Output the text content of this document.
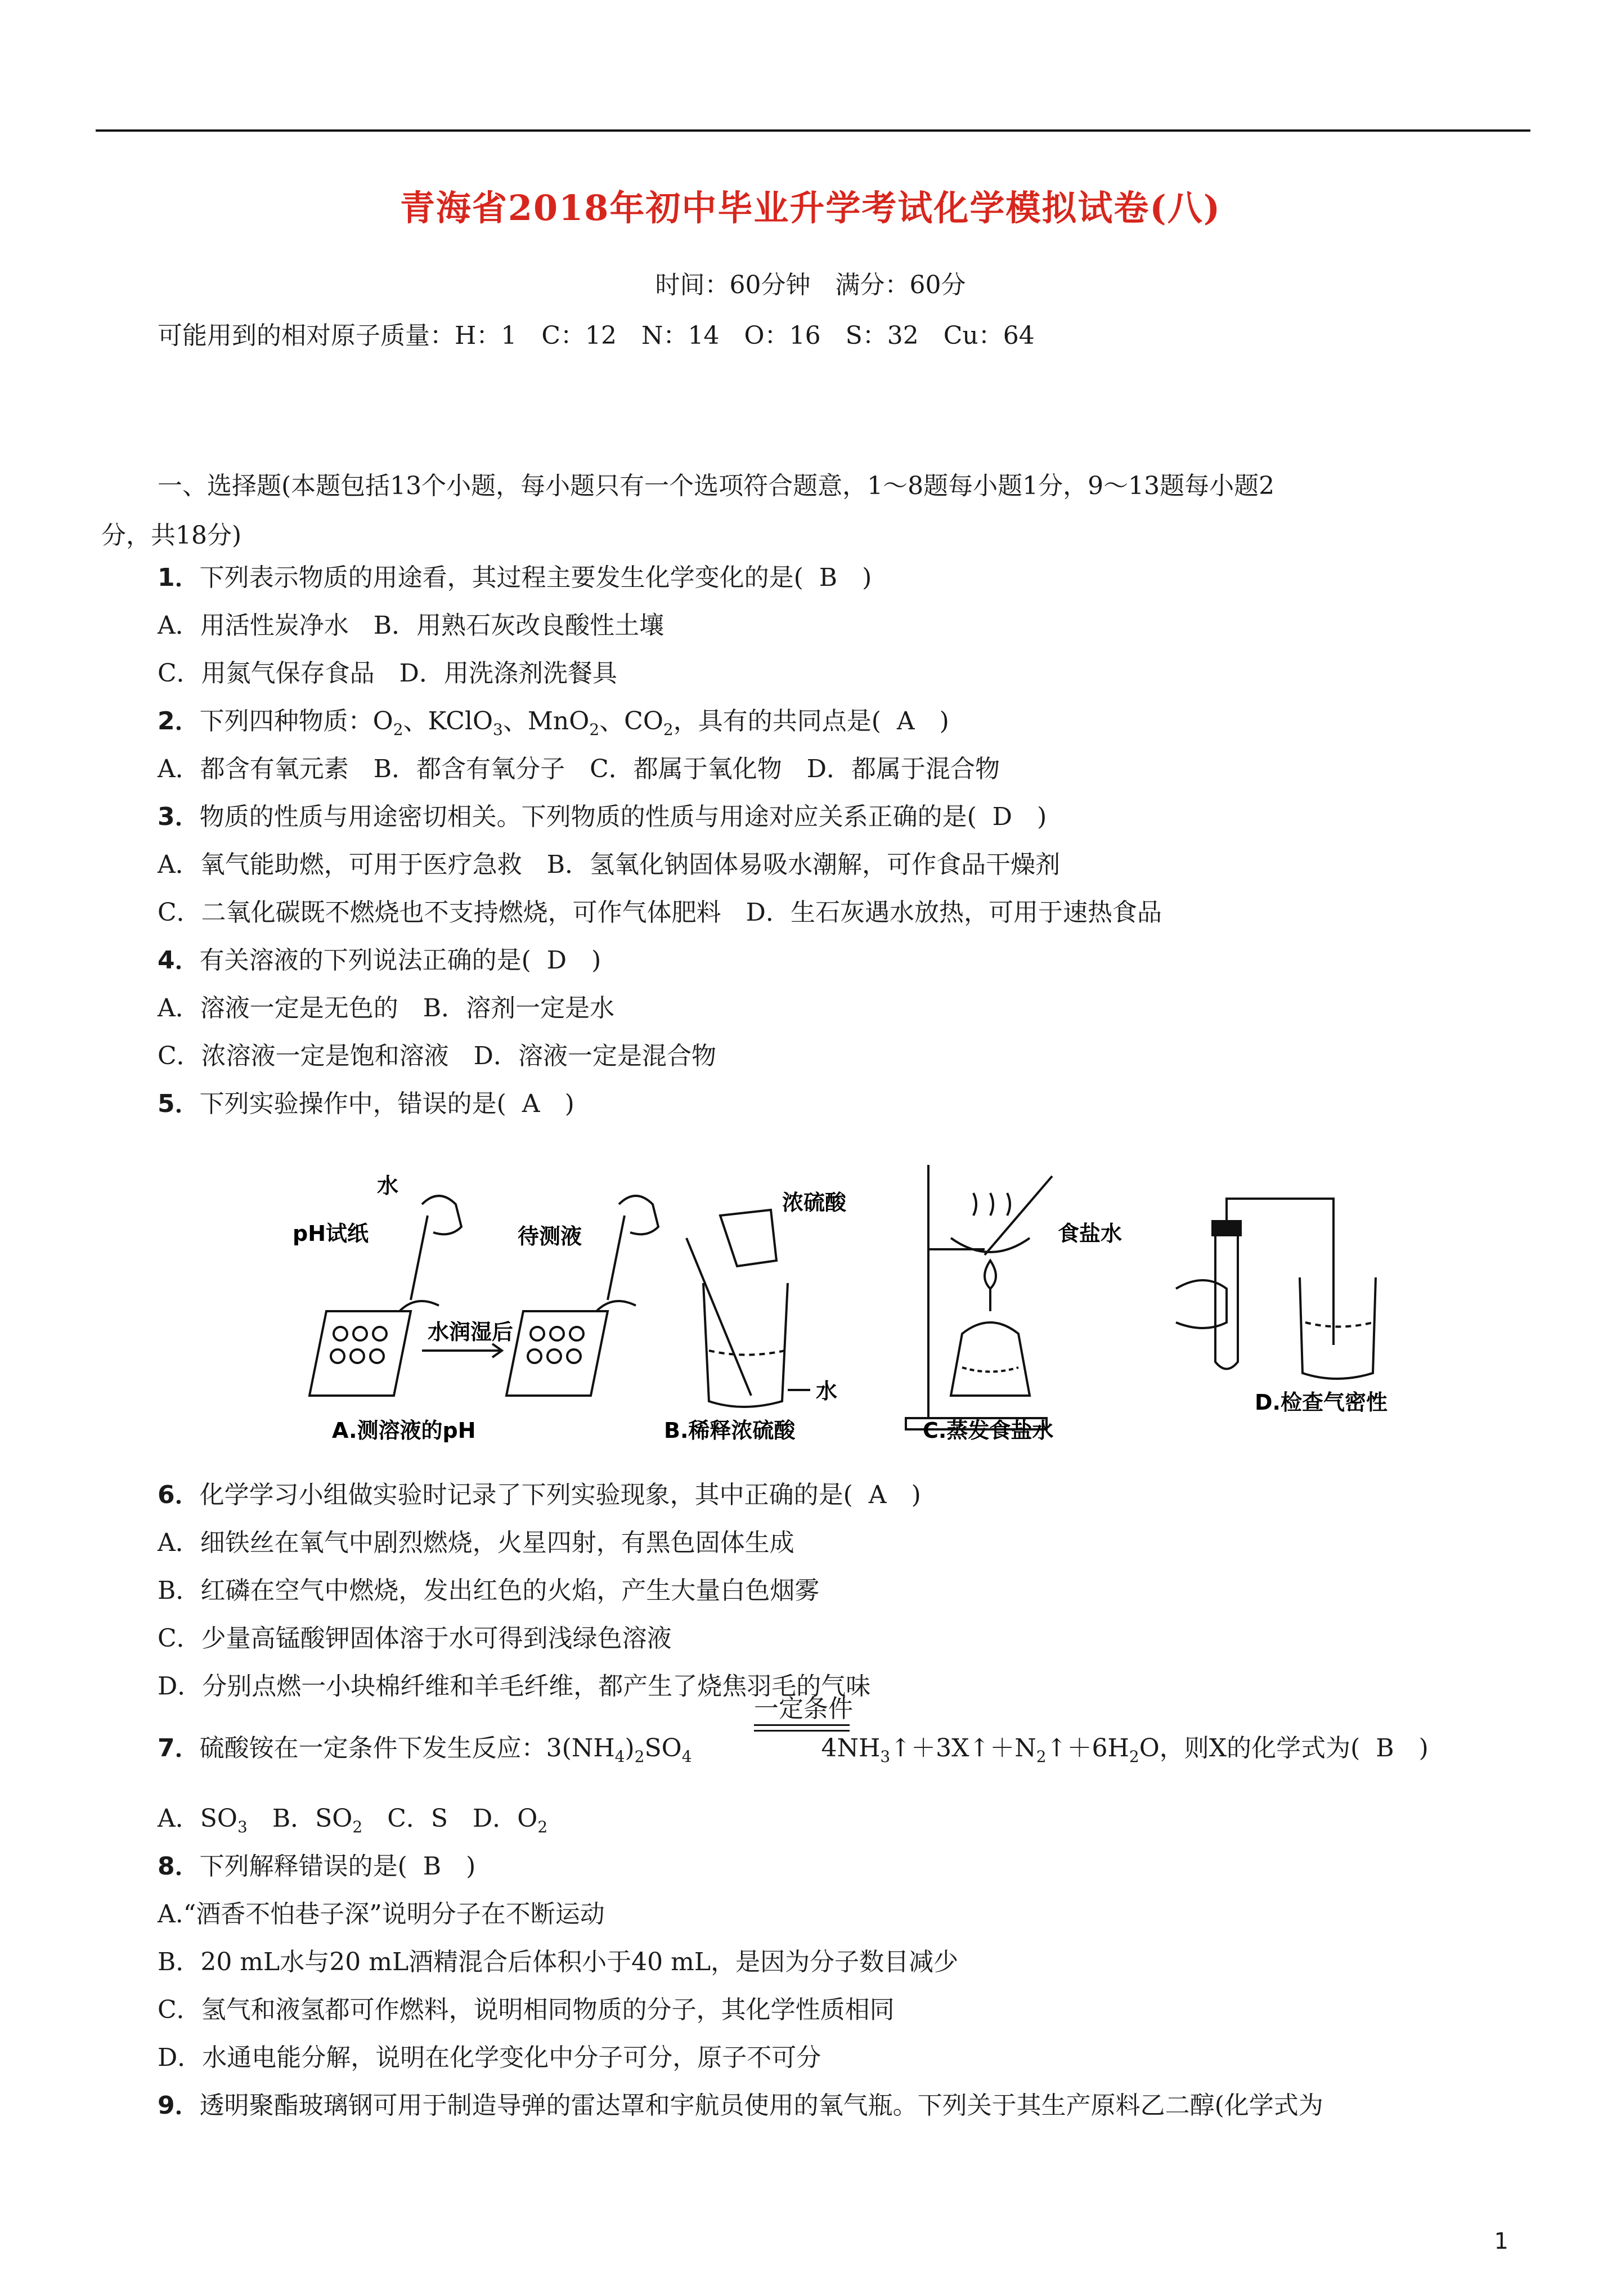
青海省2018年初中毕业升学考试化学模拟试卷(八)
时间：60分钟　满分：60分
可能用到的相对原子质量：H：1　C：12　N：14　O：16　S：32　Cu：64
一、选择题(本题包括13个小题，每小题只有一个选项符合题意，1～8题每小题1分，9～13题每小题2
分，共18分)
1．下列表示物质的用途看，其过程主要发生化学变化的是( B　)
A．用活性炭净水　B．用熟石灰改良酸性土壤
C．用氮气保存食品　D．用洗涤剂洗餐具
2．下列四种物质：$O_2$、KClO$_3$、MnO$_2$、$CO_2$，具有的共同点是( A　)
A．都含有氧元素　B．都含有氧分子　C．都属于氧化物　D．都属于混合物
3．物质的性质与用途密切相关。下列物质的性质与用途对应关系正确的是( D　)
A．氧气能助燃，可用于医疗急救　B．氢氧化钠固体易吸水潮解，可作食品干燥剂
C．二氧化碳既不燃烧也不支持燃烧，可作气体肥料　D．生石灰遇水放热，可用于速热食品
4．有关溶液的下列说法正确的是( D　)
A．溶液一定是无色的　B．溶剂一定是水
C．浓溶液一定是饱和溶液　D．溶液一定是混合物
5．下列实验操作中，错误的是( A　)
水
pH试纸	待测液
水润湿后
A.测溶液的pH
浓硫酸
水
B.稀释浓硫酸
食盐水
C.蒸发食盐水
D.检查气密性
6．化学学习小组做实验时记录了下列实验现象，其中正确的是( A　)
A．细铁丝在氧气中剧烈燃烧，火星四射，有黑色固体生成
B．红磷在空气中燃烧，发出红色的火焰，产生大量白色烟雾
C．少量高锰酸钾固体溶于水可得到浅绿色溶液
D．分别点燃一小块棉纤维和羊毛纤维，都产生了烧焦羽毛的气味
一定条件
7．硫酸铵在一定条件下发生反应：$3(NH_4)_2SO_4$	$4NH_3↑+3X↑+N_2↑+6H_2O$，则X的化学式为( B　)
A．$SO_3$　B．$SO_2$　C．S　D．$O_2$
8．下列解释错误的是( B　)
A.“酒香不怕巷子深”说明分子在不断运动
B．20 mL水与20 mL酒精混合后体积小于40 mL，是因为分子数目减少
C．氢气和液氢都可作燃料，说明相同物质的分子，其化学性质相同
D．水通电能分解，说明在化学变化中分子可分，原子不可分
9．透明聚酯玻璃钢可用于制造导弹的雷达罩和宇航员使用的氧气瓶。下列关于其生产原料乙二醇(化学式为
1
